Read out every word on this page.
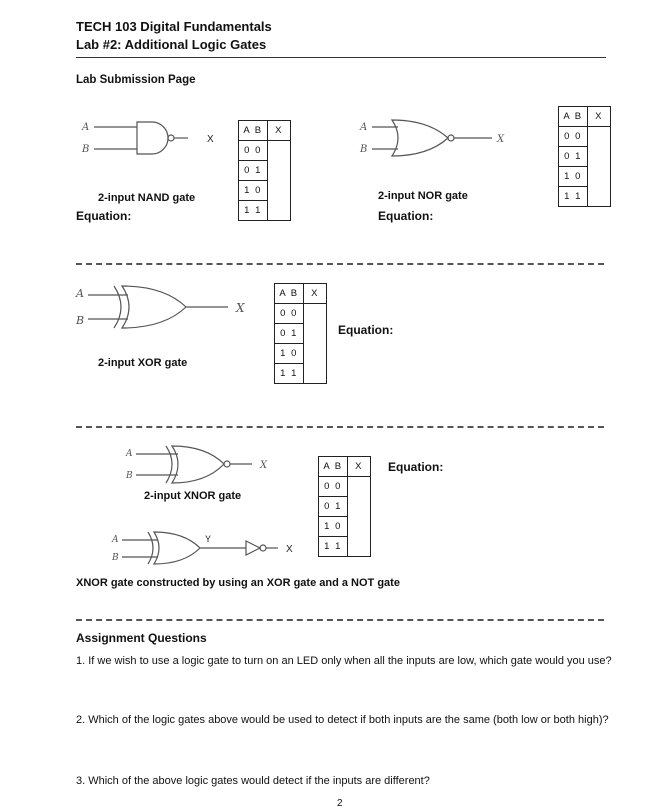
TECH 103 Digital Fundamentals
Lab #2: Additional Logic Gates
Lab Submission Page
A
B
X
2-input NAND gate
Equation:
A B	X
0 0	
0 1	
1 0	
1 1	
A
B
X
2-input NOR gate
Equation:
A B	X
0 0	
0 1	
1 0	
1 1	
A
B
X
2-input XOR gate
A B	X
0 0	
0 1	
1 0	
1 1	
Equation:
A
B
X
2-input XNOR gate
A B	X
0 0	
0 1	
1 0	
1 1	
Equation:
A
B
Y
X
XNOR gate constructed by using an XOR gate and a NOT gate
Assignment Questions
1. If we wish to use a logic gate to turn on an LED only when all the inputs are low, which gate would you use?
2. Which of the logic gates above would be used to detect if both inputs are the same (both low or both high)?
3. Which of the above logic gates would detect if the inputs are different?
2
